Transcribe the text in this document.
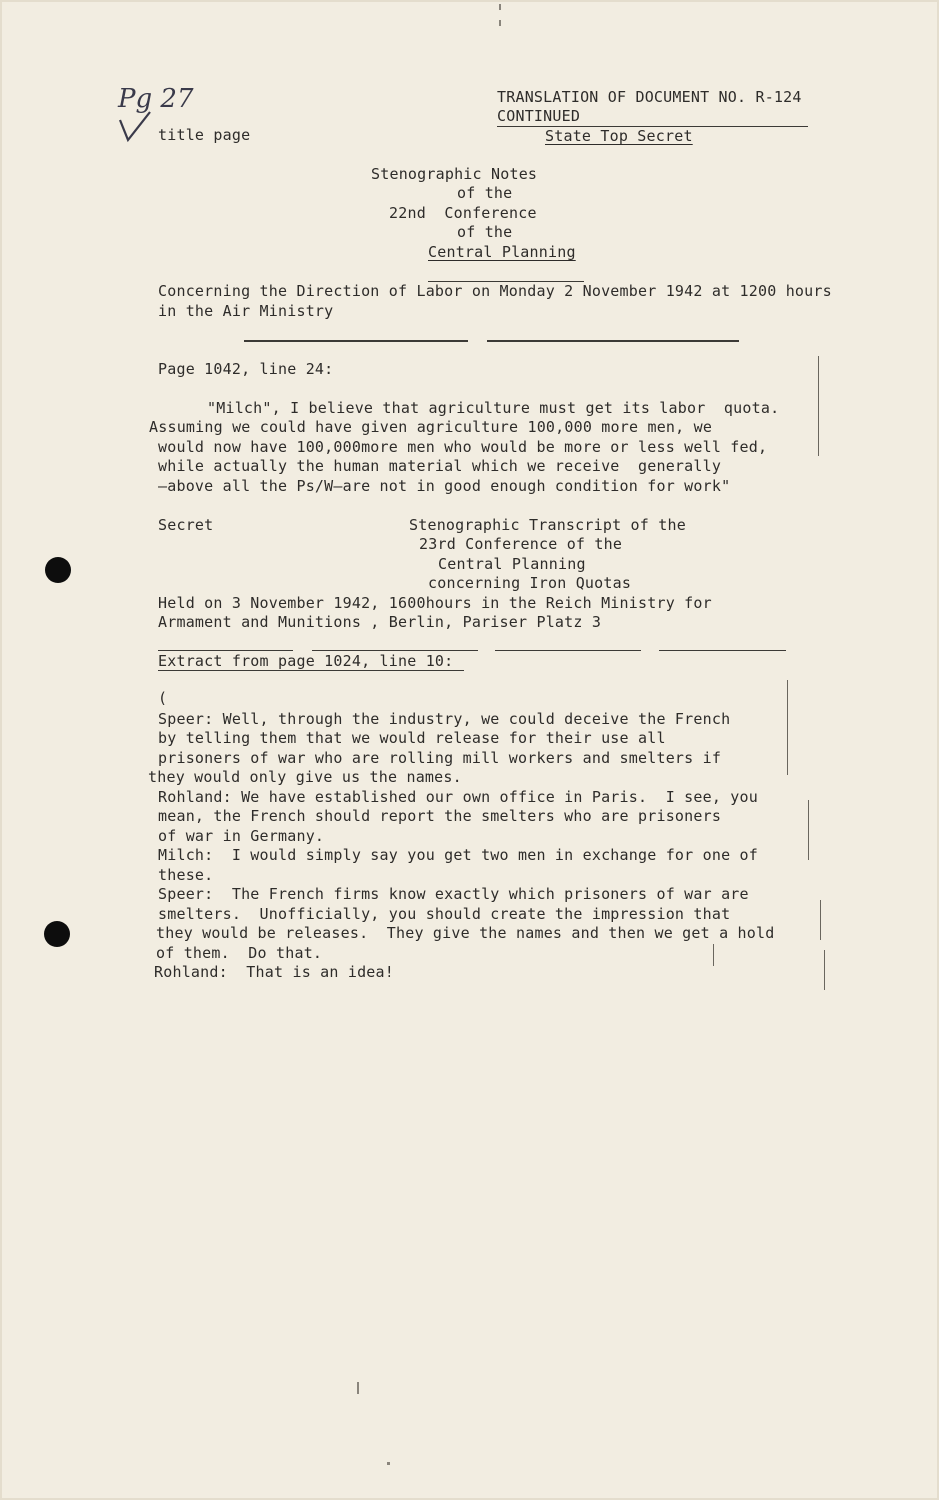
Pg 27
title page
TRANSLATION OF DOCUMENT NO. R-124
CONTINUED
State Top Secret
Stenographic Notes
of the
22nd  Conference
of the
Central Planning
Concerning the Direction of Labor on Monday 2 November 1942 at 1200 hours
in the Air Ministry
Page 1042, line 24:
"Milch", I believe that agriculture must get its labor  quota.
Assuming we could have given agriculture 100,000 more men, we
would now have 100,000more men who would be more or less well fed,
while actually the human material which we receive  generally
—above all the Ps/W—are not in good enough condition for work"
Secret	Stenographic Transcript of the
23rd Conference of the
Central Planning
concerning Iron Quotas
Held on 3 November 1942, 1600hours in the Reich Ministry for
Armament and Munitions , Berlin, Pariser Platz 3
Extract from page 1024, line 10:
(
Speer: Well, through the industry, we could deceive the French
by telling them that we would release for their use all
prisoners of war who are rolling mill workers and smelters if
they would only give us the names.
Rohland: We have established our own office in Paris.  I see, you
mean, the French should report the smelters who are prisoners
of war in Germany.
Milch:  I would simply say you get two men in exchange for one of
these.
Speer:  The French firms know exactly which prisoners of war are
smelters.  Unofficially, you should create the impression that
they would be releases.  They give the names and then we get a hold
of them.  Do that.
Rohland:  That is an idea!
